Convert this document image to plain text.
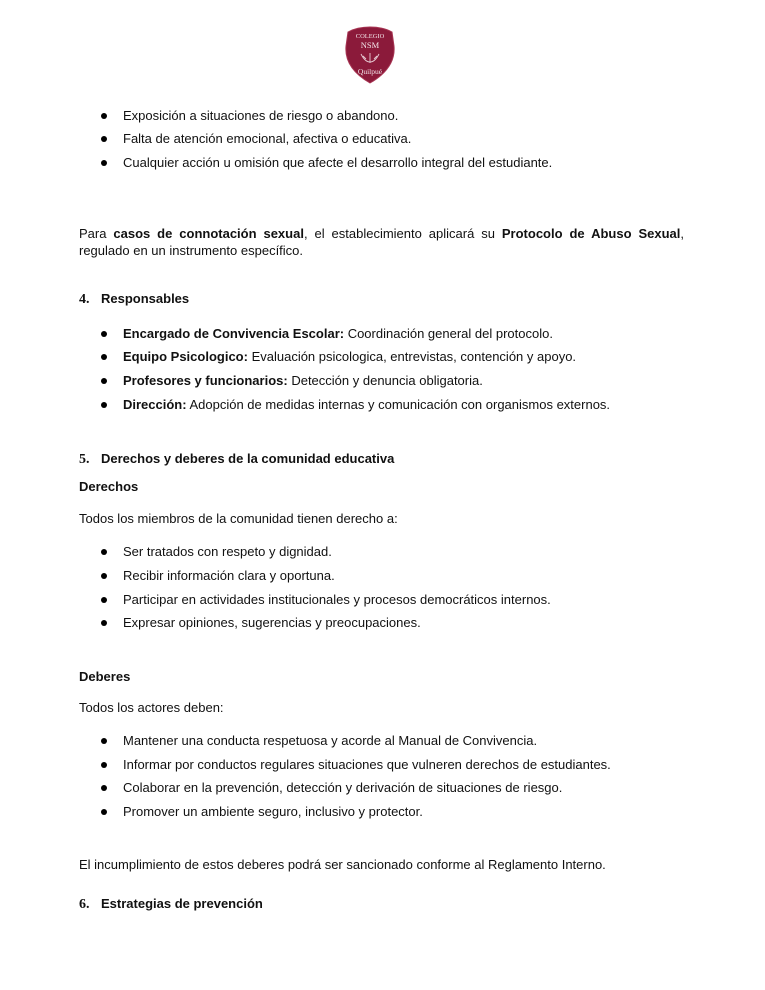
COLEGIO
NSM
Quilpué
Exposición a situaciones de riesgo o abandono.
Falta de atención emocional, afectiva o educativa.
Cualquier acción u omisión que afecte el desarrollo integral del estudiante.
Para casos de connotación sexual, el establecimiento aplicará su Protocolo de Abuso Sexual, regulado en un instrumento específico.
4. Responsables
Encargado de Convivencia Escolar: Coordinación general del protocolo.
Equipo Psicologico: Evaluación psicologica, entrevistas, contención y apoyo.
Profesores y funcionarios: Detección y denuncia obligatoria.
Dirección: Adopción de medidas internas y comunicación con organismos externos.
5. Derechos y deberes de la comunidad educativa
Derechos
Todos los miembros de la comunidad tienen derecho a:
Ser tratados con respeto y dignidad.
Recibir información clara y oportuna.
Participar en actividades institucionales y procesos democráticos internos.
Expresar opiniones, sugerencias y preocupaciones.
Deberes
Todos los actores deben:
Mantener una conducta respetuosa y acorde al Manual de Convivencia.
Informar por conductos regulares situaciones que vulneren derechos de estudiantes.
Colaborar en la prevención, detección y derivación de situaciones de riesgo.
Promover un ambiente seguro, inclusivo y protector.
El incumplimiento de estos deberes podrá ser sancionado conforme al Reglamento Interno.
6. Estrategias de prevención
